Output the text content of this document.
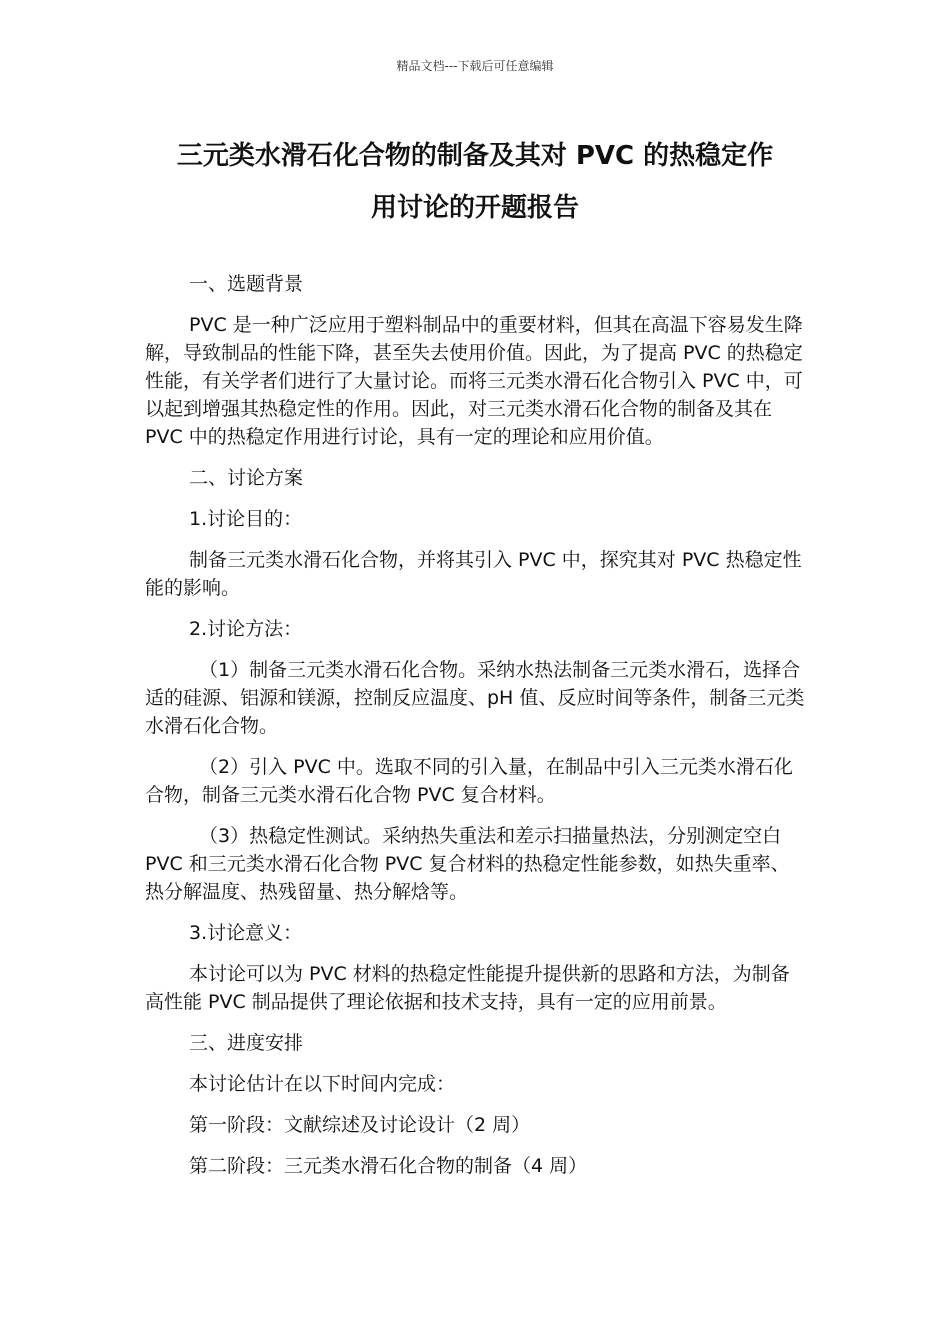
精品文档---下载后可任意编辑
三元类水滑石化合物的制备及其对 PVC 的热稳定作
用讨论的开题报告

一、选题背景

PVC 是一种广泛应用于塑料制品中的重要材料，但其在高温下容易发生降解，导致制品的性能下降，甚至失去使用价值。因此，为了提高 PVC 的热稳定性能，有关学者们进行了大量讨论。而将三元类水滑石化合物引入 PVC 中，可以起到增强其热稳定性的作用。因此，对三元类水滑石化合物的制备及其在 PVC 中的热稳定作用进行讨论，具有一定的理论和应用价值。

二、讨论方案

1.讨论目的：

制备三元类水滑石化合物，并将其引入 PVC 中，探究其对 PVC 热稳定性能的影响。

2.讨论方法：

（1）制备三元类水滑石化合物。采纳水热法制备三元类水滑石，选择合适的硅源、铝源和镁源，控制反应温度、pH 值、反应时间等条件，制备三元类水滑石化合物。

（2）引入 PVC 中。选取不同的引入量，在制品中引入三元类水滑石化合物，制备三元类水滑石化合物 PVC 复合材料。

（3）热稳定性测试。采纳热失重法和差示扫描量热法，分别测定空白 PVC 和三元类水滑石化合物 PVC 复合材料的热稳定性能参数，如热失重率、热分解温度、热残留量、热分解焓等。

3.讨论意义：

本讨论可以为 PVC 材料的热稳定性能提升提供新的思路和方法，为制备高性能 PVC 制品提供了理论依据和技术支持，具有一定的应用前景。

三、进度安排

本讨论估计在以下时间内完成：

第一阶段：文献综述及讨论设计（2 周）

第二阶段：三元类水滑石化合物的制备（4 周）
